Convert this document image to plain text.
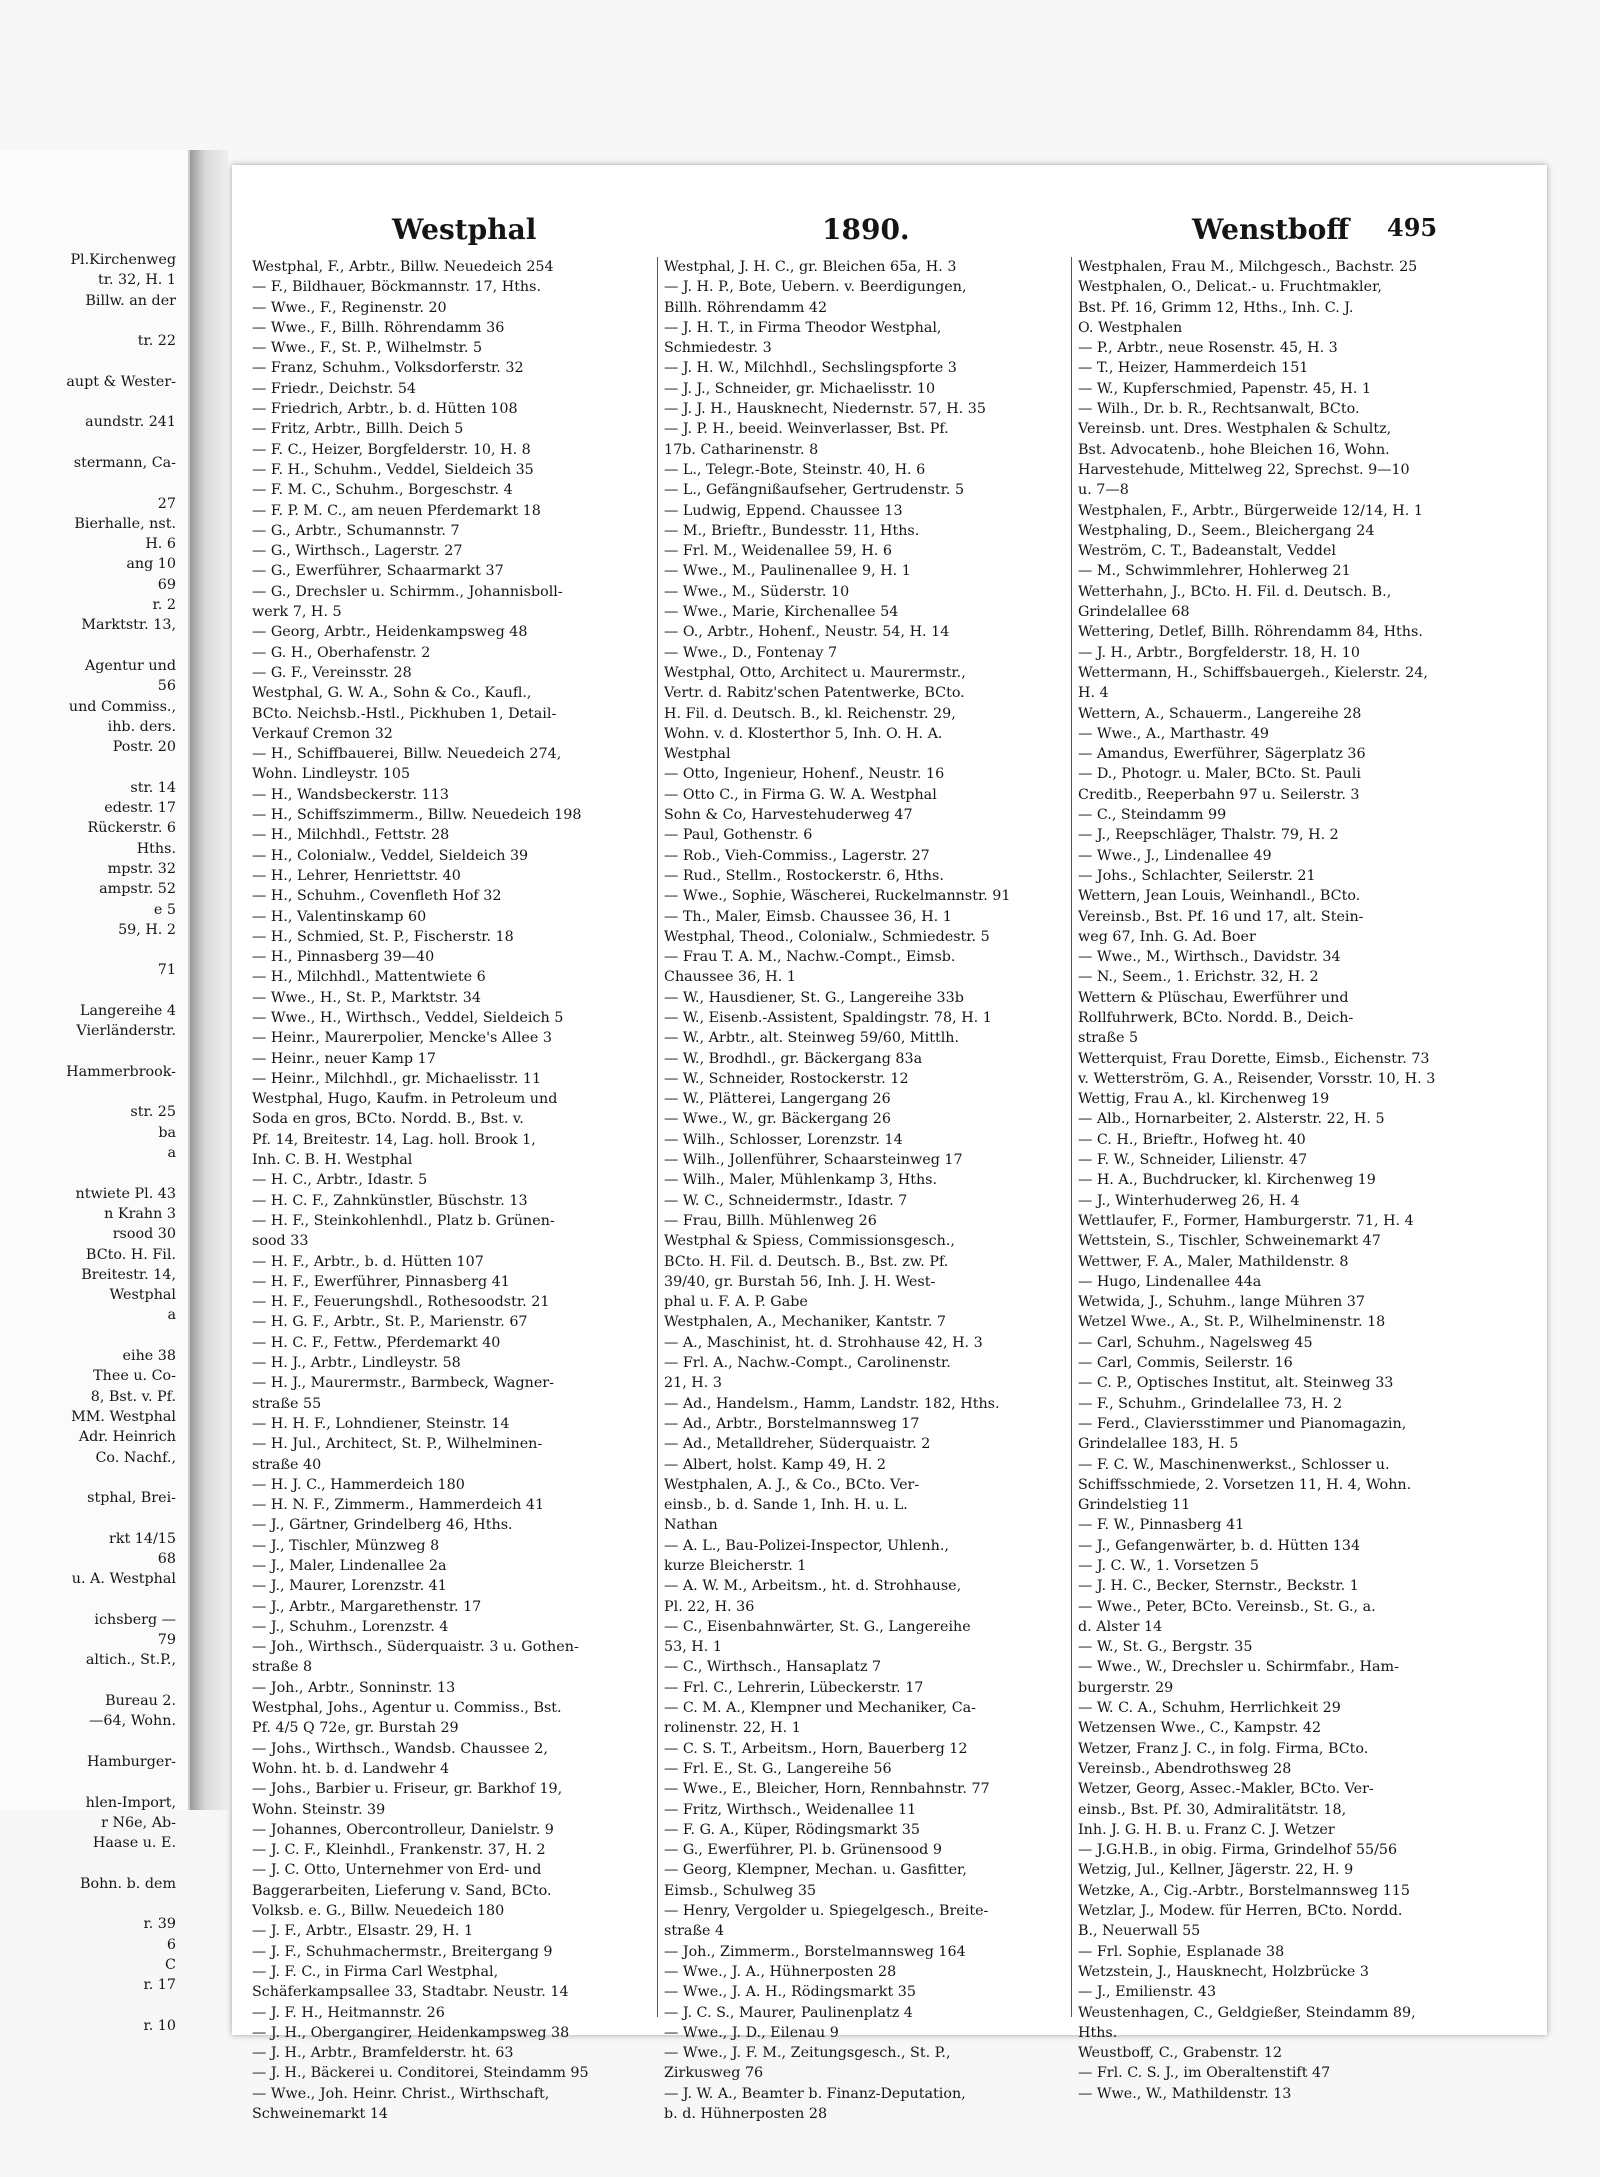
Pl.Kirchenweg
tr. 32, H. 1
Billw. an der

tr. 22

aupt & Wester-

aundstr. 241

stermann, Ca-

27
Bierhalle, nst.
H. 6
ang 10
69
r. 2
Marktstr. 13,

Agentur und
56
und Commiss.,
ihb. ders.
Postr. 20

str. 14
edestr. 17
Rückerstr. 6
Hths.
mpstr. 32
ampstr. 52
e 5
59, H. 2

71

Langereihe 4
Vierländerstr.

Hammerbrook-

str. 25
ba
a

ntwiete Pl. 43
n Krahn 3
rsood 30
BCto. H. Fil.
Breitestr. 14,
Westphal
a

eihe 38
Thee u. Co-
8, Bst. v. Pf.
MM. Westphal
Adr. Heinrich
Co. Nachf.,

stphal, Brei-

rkt 14/15
68
u. A. Westphal

ichsberg —
79
altich., St.P.,

Bureau 2.
—64, Wohn.

Hamburger-

hlen-Import,
r N6e, Ab-
Haase u. E.

Bohn. b. dem

r. 39
6
C
r. 17

r. 10
Westphal	1890.	Wenstboff 495
Westphal, F., Arbtr., Billw. Neuedeich 254
— F., Bildhauer, Böckmannstr. 17, Hths.
— Wwe., F., Reginenstr. 20
— Wwe., F., Billh. Röhrendamm 36
— Wwe., F., St. P., Wilhelmstr. 5
— Franz, Schuhm., Volksdorferstr. 32
— Friedr., Deichstr. 54
— Friedrich, Arbtr., b. d. Hütten 108
— Fritz, Arbtr., Billh. Deich 5
— F. C., Heizer, Borgfelderstr. 10, H. 8
— F. H., Schuhm., Veddel, Sieldeich 35
— F. M. C., Schuhm., Borgeschstr. 4
— F. P. M. C., am neuen Pferdemarkt 18
— G., Arbtr., Schumannstr. 7
— G., Wirthsch., Lagerstr. 27
— G., Ewerführer, Schaarmarkt 37
— G., Drechsler u. Schirmm., Johannisboll-
werk 7, H. 5
— Georg, Arbtr., Heidenkampsweg 48
— G. H., Oberhafenstr. 2
— G. F., Vereinsstr. 28
Westphal, G. W. A., Sohn & Co., Kaufl.,
BCto. Neichsb.-Hstl., Pickhuben 1, Detail-
Verkauf Cremon 32
— H., Schiffbauerei, Billw. Neuedeich 274,
Wohn. Lindleystr. 105
— H., Wandsbeckerstr. 113
— H., Schiffszimmerm., Billw. Neuedeich 198
— H., Milchhdl., Fettstr. 28
— H., Colonialw., Veddel, Sieldeich 39
— H., Lehrer, Henriettstr. 40
— H., Schuhm., Covenfleth Hof 32
— H., Valentinskamp 60
— H., Schmied, St. P., Fischerstr. 18
— H., Pinnasberg 39—40
— H., Milchhdl., Mattentwiete 6
— Wwe., H., St. P., Marktstr. 34
— Wwe., H., Wirthsch., Veddel, Sieldeich 5
— Heinr., Maurerpolier, Mencke's Allee 3
— Heinr., neuer Kamp 17
— Heinr., Milchhdl., gr. Michaelisstr. 11
Westphal, Hugo, Kaufm. in Petroleum und
Soda en gros, BCto. Nordd. B., Bst. v.
Pf. 14, Breitestr. 14, Lag. holl. Brook 1,
Inh. C. B. H. Westphal
— H. C., Arbtr., Idastr. 5
— H. C. F., Zahnkünstler, Büschstr. 13
— H. F., Steinkohlenhdl., Platz b. Grünen-
sood 33
— H. F., Arbtr., b. d. Hütten 107
— H. F., Ewerführer, Pinnasberg 41
— H. F., Feuerungshdl., Rothesoodstr. 21
— H. G. F., Arbtr., St. P., Marienstr. 67
— H. C. F., Fettw., Pferdemarkt 40
— H. J., Arbtr., Lindleystr. 58
— H. J., Maurermstr., Barmbeck, Wagner-
straße 55
— H. H. F., Lohndiener, Steinstr. 14
— H. Jul., Architect, St. P., Wilhelminen-
straße 40
— H. J. C., Hammerdeich 180
— H. N. F., Zimmerm., Hammerdeich 41
— J., Gärtner, Grindelberg 46, Hths.
— J., Tischler, Münzweg 8
— J., Maler, Lindenallee 2a
— J., Maurer, Lorenzstr. 41
— J., Arbtr., Margarethenstr. 17
— J., Schuhm., Lorenzstr. 4
— Joh., Wirthsch., Süderquaistr. 3 u. Gothen-
straße 8
— Joh., Arbtr., Sonninstr. 13
Westphal, Johs., Agentur u. Commiss., Bst.
Pf. 4/5 Q 72e, gr. Burstah 29
— Johs., Wirthsch., Wandsb. Chaussee 2,
Wohn. ht. b. d. Landwehr 4
— Johs., Barbier u. Friseur, gr. Barkhof 19,
Wohn. Steinstr. 39
— Johannes, Obercontrolleur, Danielstr. 9
— J. C. F., Kleinhdl., Frankenstr. 37, H. 2
— J. C. Otto, Unternehmer von Erd- und
Baggerarbeiten, Lieferung v. Sand, BCto.
Volksb. e. G., Billw. Neuedeich 180
— J. F., Arbtr., Elsastr. 29, H. 1
— J. F., Schuhmachermstr., Breitergang 9
— J. F. C., in Firma Carl Westphal,
Schäferkampsallee 33, Stadtabr. Neustr. 14
— J. F. H., Heitmannstr. 26
— J. H., Obergangirer, Heidenkampsweg 38
— J. H., Arbtr., Bramfelderstr. ht. 63
— J. H., Bäckerei u. Conditorei, Steindamm 95
— Wwe., Joh. Heinr. Christ., Wirthschaft,
Schweinemarkt 14
Westphal, J. H. C., gr. Bleichen 65a, H. 3
— J. H. P., Bote, Uebern. v. Beerdigungen,
Billh. Röhrendamm 42
— J. H. T., in Firma Theodor Westphal,
Schmiedestr. 3
— J. H. W., Milchhdl., Sechslingspforte 3
— J. J., Schneider, gr. Michaelisstr. 10
— J. J. H., Hausknecht, Niedernstr. 57, H. 35
— J. P. H., beeid. Weinverlasser, Bst. Pf.
17b. Catharinenstr. 8
— L., Telegr.-Bote, Steinstr. 40, H. 6
— L., Gefängnißaufseher, Gertrudenstr. 5
— Ludwig, Eppend. Chaussee 13
— M., Brieftr., Bundesstr. 11, Hths.
— Frl. M., Weidenallee 59, H. 6
— Wwe., M., Paulinenallee 9, H. 1
— Wwe., M., Süderstr. 10
— Wwe., Marie, Kirchenallee 54
— O., Arbtr., Hohenf., Neustr. 54, H. 14
— Wwe., D., Fontenay 7
Westphal, Otto, Architect u. Maurermstr.,
Vertr. d. Rabitz'schen Patentwerke, BCto.
H. Fil. d. Deutsch. B., kl. Reichenstr. 29,
Wohn. v. d. Klosterthor 5, Inh. O. H. A.
Westphal
— Otto, Ingenieur, Hohenf., Neustr. 16
— Otto C., in Firma G. W. A. Westphal
Sohn & Co, Harvestehuderweg 47
— Paul, Gothenstr. 6
— Rob., Vieh-Commiss., Lagerstr. 27
— Rud., Stellm., Rostockerstr. 6, Hths.
— Wwe., Sophie, Wäscherei, Ruckelmannstr. 91
— Th., Maler, Eimsb. Chaussee 36, H. 1
Westphal, Theod., Colonialw., Schmiedestr. 5
— Frau T. A. M., Nachw.-Compt., Eimsb.
Chaussee 36, H. 1
— W., Hausdiener, St. G., Langereihe 33b
— W., Eisenb.-Assistent, Spaldingstr. 78, H. 1
— W., Arbtr., alt. Steinweg 59/60, Mittlh.
— W., Brodhdl., gr. Bäckergang 83a
— W., Schneider, Rostockerstr. 12
— W., Plätterei, Langergang 26
— Wwe., W., gr. Bäckergang 26
— Wilh., Schlosser, Lorenzstr. 14
— Wilh., Jollenführer, Schaarsteinweg 17
— Wilh., Maler, Mühlenkamp 3, Hths.
— W. C., Schneidermstr., Idastr. 7
— Frau, Billh. Mühlenweg 26
Westphal & Spiess, Commissionsgesch.,
BCto. H. Fil. d. Deutsch. B., Bst. zw. Pf.
39/40, gr. Burstah 56, Inh. J. H. West-
phal u. F. A. P. Gabe
Westphalen, A., Mechaniker, Kantstr. 7
— A., Maschinist, ht. d. Strohhause 42, H. 3
— Frl. A., Nachw.-Compt., Carolinenstr.
21, H. 3
— Ad., Handelsm., Hamm, Landstr. 182, Hths.
— Ad., Arbtr., Borstelmannsweg 17
— Ad., Metalldreher, Süderquaistr. 2
— Albert, holst. Kamp 49, H. 2
Westphalen, A. J., & Co., BCto. Ver-
einsb., b. d. Sande 1, Inh. H. u. L.
Nathan
— A. L., Bau-Polizei-Inspector, Uhlenh.,
kurze Bleicherstr. 1
— A. W. M., Arbeitsm., ht. d. Strohhause,
Pl. 22, H. 36
— C., Eisenbahnwärter, St. G., Langereihe
53, H. 1
— C., Wirthsch., Hansaplatz 7
— Frl. C., Lehrerin, Lübeckerstr. 17
— C. M. A., Klempner und Mechaniker, Ca-
rolinenstr. 22, H. 1
— C. S. T., Arbeitsm., Horn, Bauerberg 12
— Frl. E., St. G., Langereihe 56
— Wwe., E., Bleicher, Horn, Rennbahnstr. 77
— Fritz, Wirthsch., Weidenallee 11
— F. G. A., Küper, Rödingsmarkt 35
— G., Ewerführer, Pl. b. Grünensood 9
— Georg, Klempner, Mechan. u. Gasfitter,
Eimsb., Schulweg 35
— Henry, Vergolder u. Spiegelgesch., Breite-
straße 4
— Joh., Zimmerm., Borstelmannsweg 164
— Wwe., J. A., Hühnerposten 28
— Wwe., J. A. H., Rödingsmarkt 35
— J. C. S., Maurer, Paulinenplatz 4
— Wwe., J. D., Eilenau 9
— Wwe., J. F. M., Zeitungsgesch., St. P.,
Zirkusweg 76
— J. W. A., Beamter b. Finanz-Deputation,
b. d. Hühnerposten 28
Westphalen, Frau M., Milchgesch., Bachstr. 25
Westphalen, O., Delicat.- u. Fruchtmakler,
Bst. Pf. 16, Grimm 12, Hths., Inh. C. J.
O. Westphalen
— P., Arbtr., neue Rosenstr. 45, H. 3
— T., Heizer, Hammerdeich 151
— W., Kupferschmied, Papenstr. 45, H. 1
— Wilh., Dr. b. R., Rechtsanwalt, BCto.
Vereinsb. unt. Dres. Westphalen & Schultz,
Bst. Advocatenb., hohe Bleichen 16, Wohn.
Harvestehude, Mittelweg 22, Sprechst. 9—10
u. 7—8
Westphalen, F., Arbtr., Bürgerweide 12/14, H. 1
Westphaling, D., Seem., Bleichergang 24
Weström, C. T., Badeanstalt, Veddel
— M., Schwimmlehrer, Hohlerweg 21
Wetterhahn, J., BCto. H. Fil. d. Deutsch. B.,
Grindelallee 68
Wettering, Detlef, Billh. Röhrendamm 84, Hths.
— J. H., Arbtr., Borgfelderstr. 18, H. 10
Wettermann, H., Schiffsbauergeh., Kielerstr. 24,
H. 4
Wettern, A., Schauerm., Langereihe 28
— Wwe., A., Marthastr. 49
— Amandus, Ewerführer, Sägerplatz 36
— D., Photogr. u. Maler, BCto. St. Pauli
Creditb., Reeperbahn 97 u. Seilerstr. 3
— C., Steindamm 99
— J., Reepschläger, Thalstr. 79, H. 2
— Wwe., J., Lindenallee 49
— Johs., Schlachter, Seilerstr. 21
Wettern, Jean Louis, Weinhandl., BCto.
Vereinsb., Bst. Pf. 16 und 17, alt. Stein-
weg 67, Inh. G. Ad. Boer
— Wwe., M., Wirthsch., Davidstr. 34
— N., Seem., 1. Erichstr. 32, H. 2
Wettern & Plüschau, Ewerführer und
Rollfuhrwerk, BCto. Nordd. B., Deich-
straße 5
Wetterquist, Frau Dorette, Eimsb., Eichenstr. 73
v. Wetterström, G. A., Reisender, Vorsstr. 10, H. 3
Wettig, Frau A., kl. Kirchenweg 19
— Alb., Hornarbeiter, 2. Alsterstr. 22, H. 5
— C. H., Brieftr., Hofweg ht. 40
— F. W., Schneider, Lilienstr. 47
— H. A., Buchdrucker, kl. Kirchenweg 19
— J., Winterhuderweg 26, H. 4
Wettlaufer, F., Former, Hamburgerstr. 71, H. 4
Wettstein, S., Tischler, Schweinemarkt 47
Wettwer, F. A., Maler, Mathildenstr. 8
— Hugo, Lindenallee 44a
Wetwida, J., Schuhm., lange Mühren 37
Wetzel Wwe., A., St. P., Wilhelminenstr. 18
— Carl, Schuhm., Nagelsweg 45
— Carl, Commis, Seilerstr. 16
— C. P., Optisches Institut, alt. Steinweg 33
— F., Schuhm., Grindelallee 73, H. 2
— Ferd., Claviersstimmer und Pianomagazin,
Grindelallee 183, H. 5
— F. C. W., Maschinenwerkst., Schlosser u.
Schiffsschmiede, 2. Vorsetzen 11, H. 4, Wohn.
Grindelstieg 11
— F. W., Pinnasberg 41
— J., Gefangenwärter, b. d. Hütten 134
— J. C. W., 1. Vorsetzen 5
— J. H. C., Becker, Sternstr., Beckstr. 1
— Wwe., Peter, BCto. Vereinsb., St. G., a.
d. Alster 14
— W., St. G., Bergstr. 35
— Wwe., W., Drechsler u. Schirmfabr., Ham-
burgerstr. 29
— W. C. A., Schuhm, Herrlichkeit 29
Wetzensen Wwe., C., Kampstr. 42
Wetzer, Franz J. C., in folg. Firma, BCto.
Vereinsb., Abendrothsweg 28
Wetzer, Georg, Assec.-Makler, BCto. Ver-
einsb., Bst. Pf. 30, Admiralitätstr. 18,
Inh. J. G. H. B. u. Franz C. J. Wetzer
— J.G.H.B., in obig. Firma, Grindelhof 55/56
Wetzig, Jul., Kellner, Jägerstr. 22, H. 9
Wetzke, A., Cig.-Arbtr., Borstelmannsweg 115
Wetzlar, J., Modew. für Herren, BCto. Nordd.
B., Neuerwall 55
— Frl. Sophie, Esplanade 38
Wetzstein, J., Hausknecht, Holzbrücke 3
— J., Emilienstr. 43
Weustenhagen, C., Geldgießer, Steindamm 89,
Hths.
Weustboff, C., Grabenstr. 12
— Frl. C. S. J., im Oberaltenstift 47
— Wwe., W., Mathildenstr. 13
